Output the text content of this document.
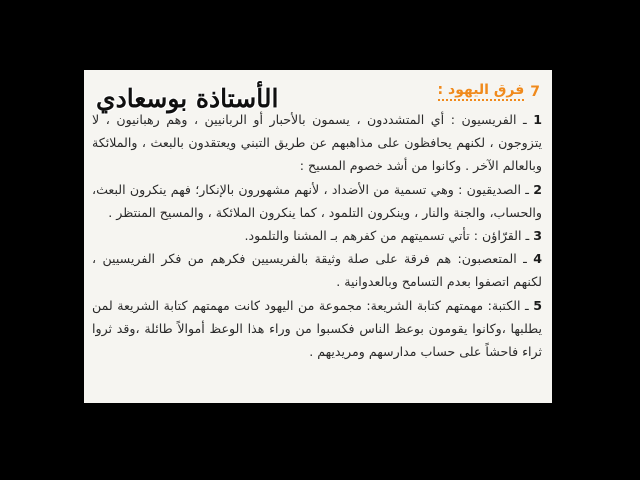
7
فرق اليهود :

1 ـ الفريسيون : أي المتشددون ، يسمون بالأحبار أو الربانيين ، وهم رهبانيون ، لا يتزوجون ، لكنهم يحافظون على مذاهبهم عن طريق التبني ويعتقدون بالبعث ، والملائكة وبالعالم الآخر . وكانوا من أشد خصوم المسيح :

2 ـ الصديقيون : وهي تسمية من الأضداد ، لأنهم مشهورون بالإنكار؛ فهم ينكرون البعث، والحساب، والجنة والنار ، وينكرون التلمود ، كما ينكرون الملائكة ، والمسيح المنتظر .

3 ـ القرّاؤن : تأتي تسميتهم من كفرهم بـ المشنا والتلمود.

4 ـ المتعصبون: هم فرقة على صلة وثيقة بالفريسيين فكرهم من فكر الفريسيين ، لكنهم اتصفوا بعدم التسامح وبالعدوانية .

5 ـ الكتبة: مهمتهم كتابة الشريعة: مجموعة من اليهود كانت مهمتهم كتابة الشريعة لمن يطلبها ،وكانوا يقومون بوعظ الناس فكسبوا من وراء هذا الوعظ أموالاً طائلة ،وقد ثروا ثراء فاحشاً على حساب مدارسهم ومريديهم .

الأستاذة بوسعادي
